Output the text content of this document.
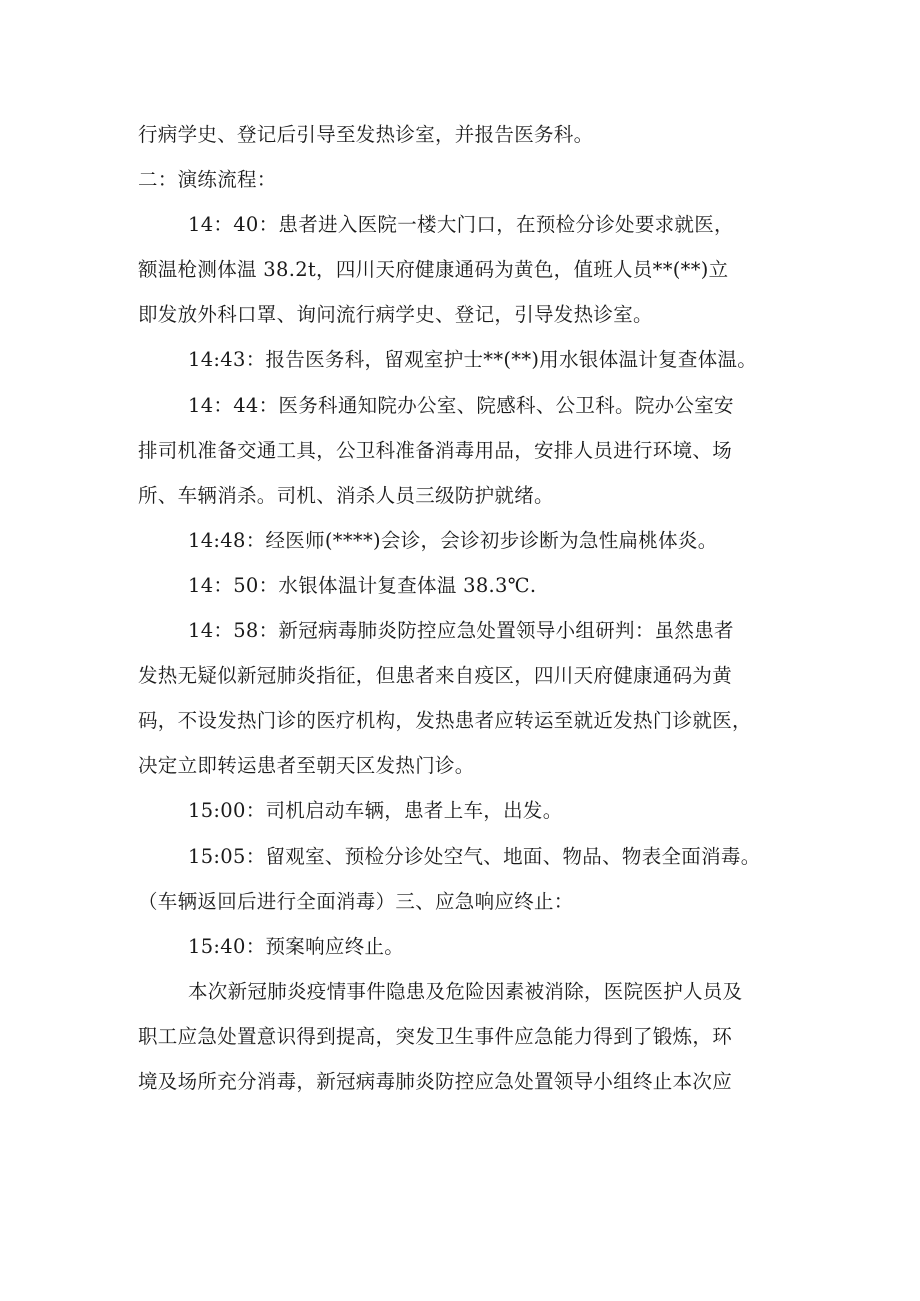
行病学史、登记后引导至发热诊室，并报告医务科。
二：演练流程：
14：40：患者进入医院一楼大门口，在预检分诊处要求就医，
额温枪测体温 38.2t，四川天府健康通码为黄色，值班人员**(**)立
即发放外科口罩、询问流行病学史、登记，引导发热诊室。
14:43：报告医务科，留观室护士**(**)用水银体温计复查体温。
14：44：医务科通知院办公室、院感科、公卫科。院办公室安
排司机准备交通工具，公卫科准备消毒用品，安排人员进行环境、场
所、车辆消杀。司机、消杀人员三级防护就绪。
14:48：经医师(****)会诊，会诊初步诊断为急性扁桃体炎。
14：50：水银体温计复查体温 38.3℃.
14：58：新冠病毒肺炎防控应急处置领导小组研判：虽然患者
发热无疑似新冠肺炎指征，但患者来自疫区，四川天府健康通码为黄
码，不设发热门诊的医疗机构，发热患者应转运至就近发热门诊就医，
决定立即转运患者至朝天区发热门诊。
15:00：司机启动车辆，患者上车，出发。
15:05：留观室、预检分诊处空气、地面、物品、物表全面消毒。
（车辆返回后进行全面消毒）三、应急响应终止：
15:40：预案响应终止。
本次新冠肺炎疫情事件隐患及危险因素被消除，医院医护人员及
职工应急处置意识得到提高，突发卫生事件应急能力得到了锻炼，环
境及场所充分消毒，新冠病毒肺炎防控应急处置领导小组终止本次应
